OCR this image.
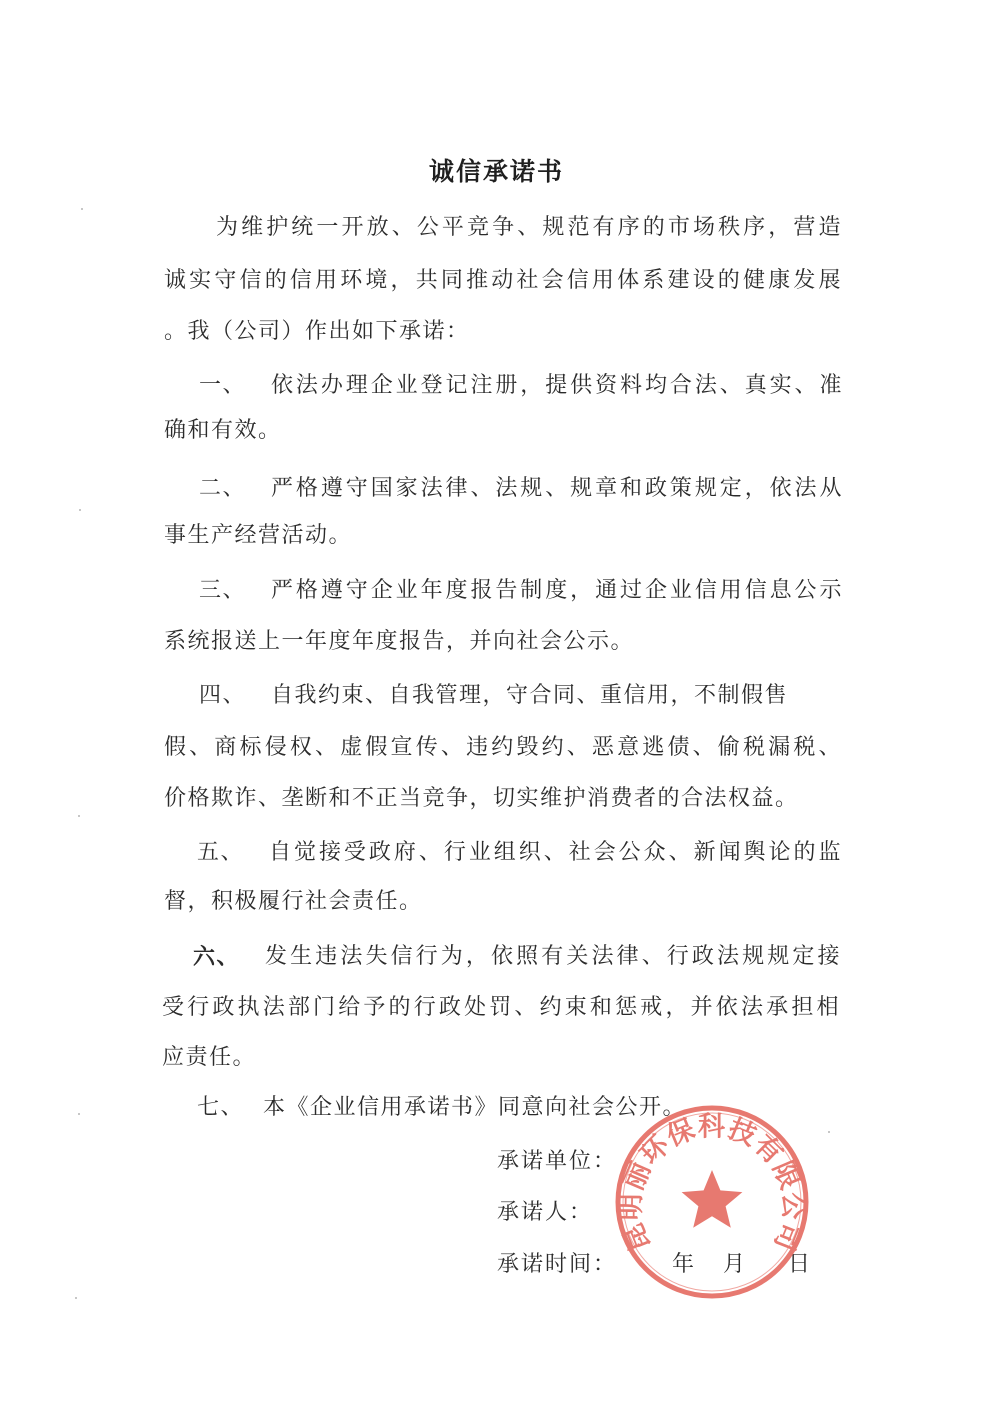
诚信承诺书
为维护统一开放、公平竞争、规范有序的市场秩序，营造
诚实守信的信用环境，共同推动社会信用体系建设的健康发展
。我（公司）作出如下承诺：
一、	依法办理企业登记注册，提供资料均合法、真实、准
确和有效。
二、	严格遵守国家法律、法规、规章和政策规定，依法从
事生产经营活动。
三、	严格遵守企业年度报告制度，通过企业信用信息公示
系统报送上一年度年度报告，并向社会公示。
四、	自我约束、自我管理，守合同、重信用，不制假售
假、商标侵权、虚假宣传、违约毁约、恶意逃债、偷税漏税、
价格欺诈、垄断和不正当竞争，切实维护消费者的合法权益。
五、	自觉接受政府、行业组织、社会公众、新闻舆论的监
督，积极履行社会责任。
六、	发生违法失信行为，依照有关法律、行政法规规定接
受行政执法部门给予的行政处罚、约束和惩戒，并依法承担相
应责任。
七、 本《企业信用承诺书》同意向社会公开。
承诺单位：
承诺人：
承诺时间： 年 月 日
昆明丽环保科技有限公司
